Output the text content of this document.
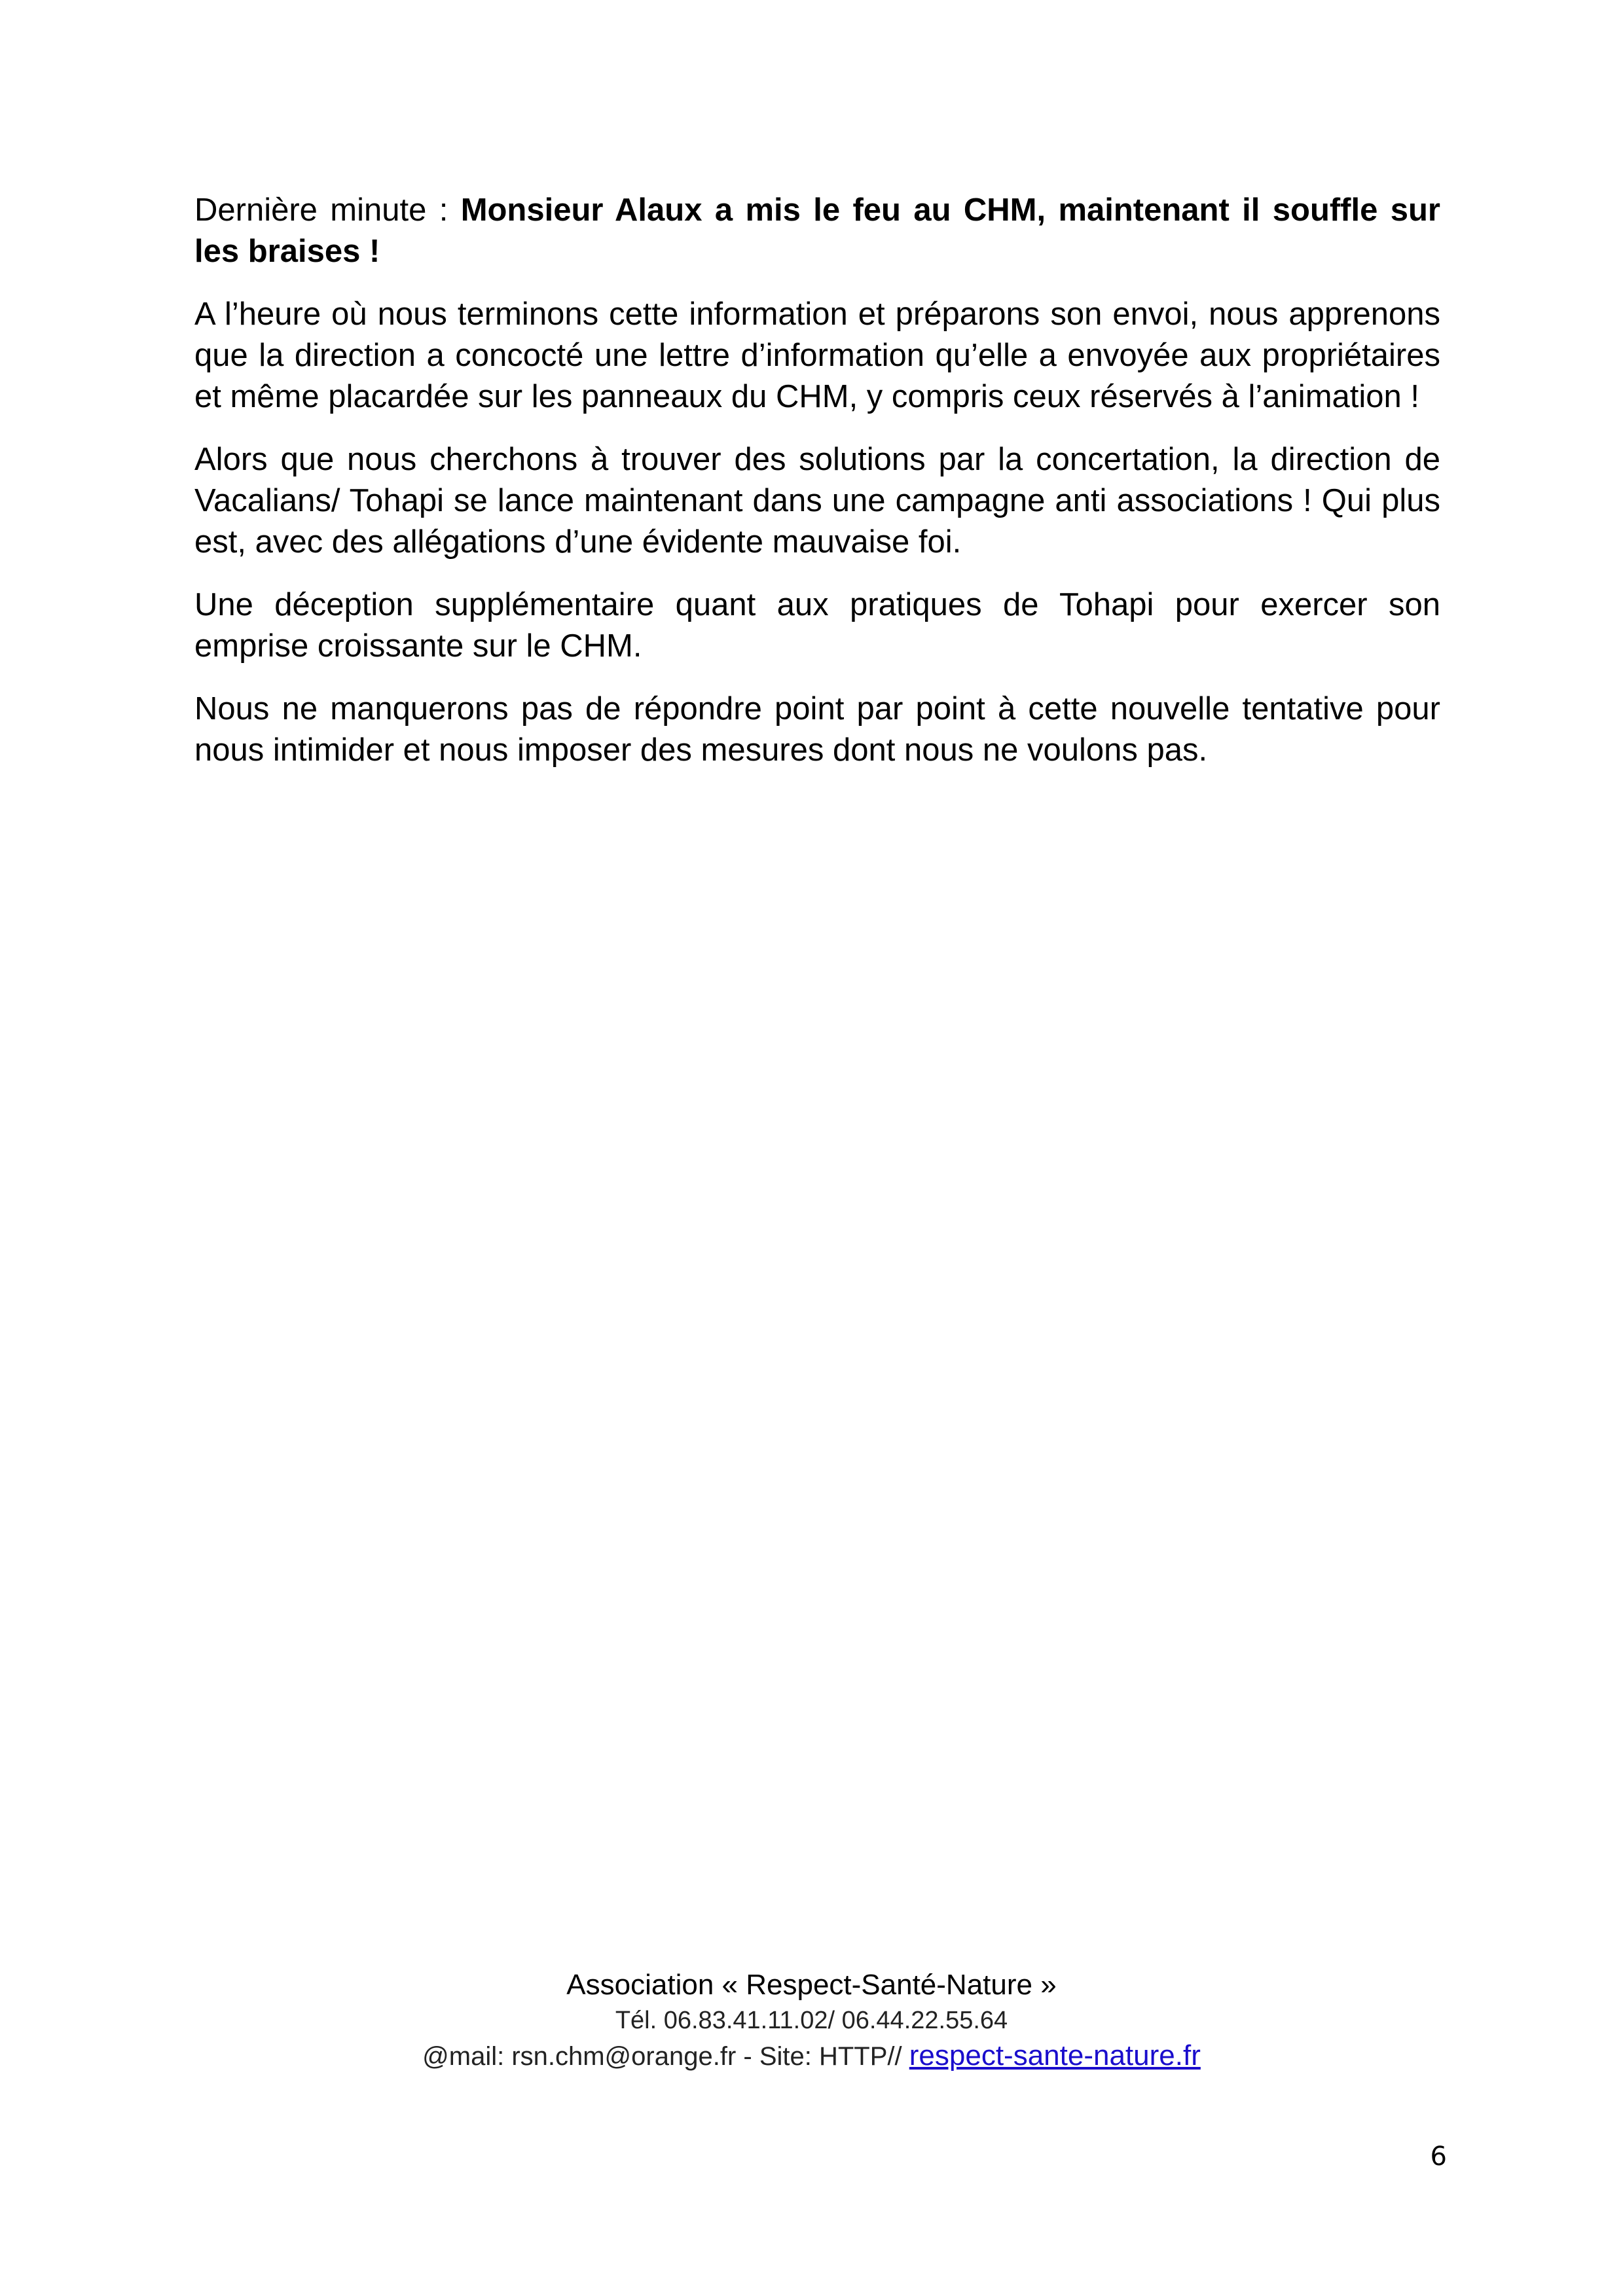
Dernière minute : Monsieur Alaux a mis le feu au CHM, maintenant il souffle sur les braises !

A l’heure où nous terminons cette information et préparons son envoi, nous apprenons que la direction a concocté une lettre d’information qu’elle a envoyée aux propriétaires et même placardée sur les panneaux du CHM, y compris ceux réservés à l’animation !

Alors que nous cherchons à trouver des solutions par la concertation, la direction de Vacalians/ Tohapi se lance maintenant dans une campagne anti associations ! Qui plus est, avec des allégations d’une évidente mauvaise foi.

Une déception supplémentaire quant aux pratiques de Tohapi pour exercer son emprise croissante sur le CHM.

Nous ne manquerons pas de répondre point par point à cette nouvelle tentative pour nous intimider et nous imposer des mesures dont nous ne voulons pas.

Association « Respect-Santé-Nature »
Tél. 06.83.41.11.02/ 06.44.22.55.64
@mail: rsn.chm@orange.fr - Site: HTTP// respect-sante-nature.fr
6
